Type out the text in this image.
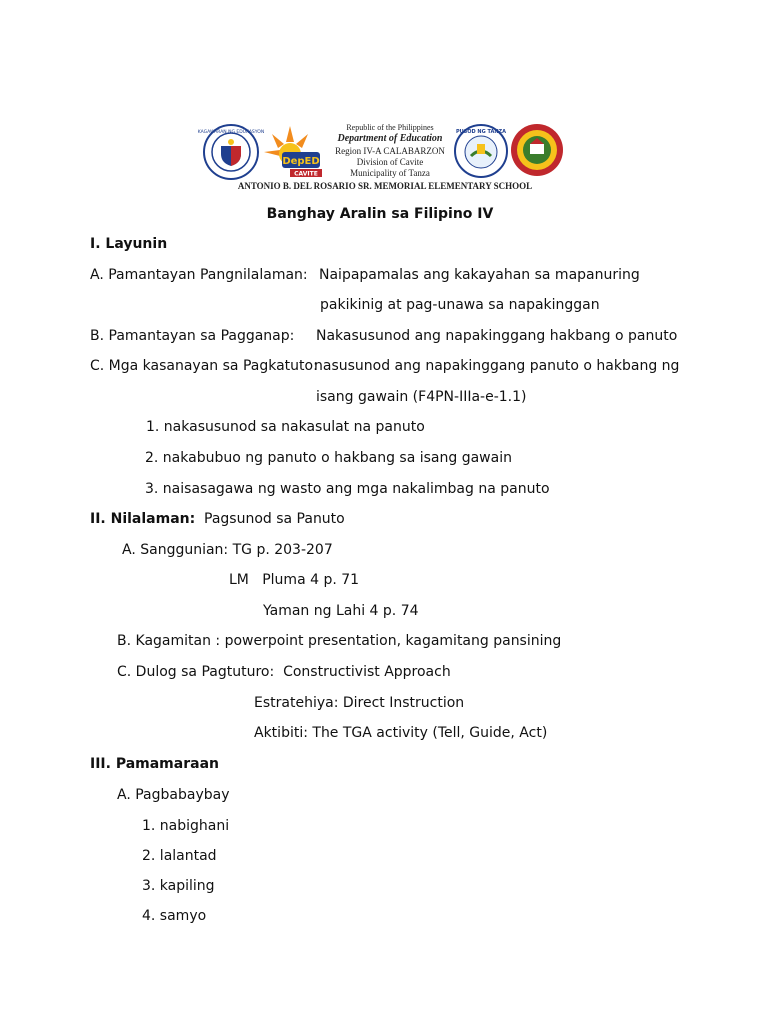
KAGAWARAN NG EDUKASYON
DepED
CAVITE
Republic of the Philippines
Department of Education
Region IV-A CALABARZON
Division of Cavite
Municipality of Tanza
PUSOD NG TANZA
ANTONIO B. DEL ROSARIO SR. MEMORIAL ELEMENTARY SCHOOL
Banghay Aralin sa Filipino IV
I. Layunin
A. Pamantayan Pangnilalaman: Naipapamalas ang kakayahan sa mapanuring
pakikinig at pag-unawa sa napakinggan
B. Pamantayan sa Pagganap: Nakasusunod ang napakinggang hakbang o panuto
C. Mga kasanayan sa Pagkatuto:
nasusunod ang napakinggang panuto o hakbang ng
isang gawain (F4PN-IIIa-e-1.1)
1. nakasusunod sa nakasulat na panuto
2. nakabubuo ng panuto o hakbang sa isang gawain
3. naisasagawa ng wasto ang mga nakalimbag na panuto
II. Nilalaman: Pagsunod sa Panuto
A. Sanggunian: TG p. 203-207
LM   Pluma 4 p. 71
Yaman ng Lahi 4 p. 74
B. Kagamitan : powerpoint presentation, kagamitang pansining
C. Dulog sa Pagtuturo:  Constructivist Approach
Estratehiya: Direct Instruction
Aktibiti: The TGA activity (Tell, Guide, Act)
III. Pamamaraan
A. Pagbabaybay
1. nabighani
2. lalantad
3. kapiling
4. samyo
